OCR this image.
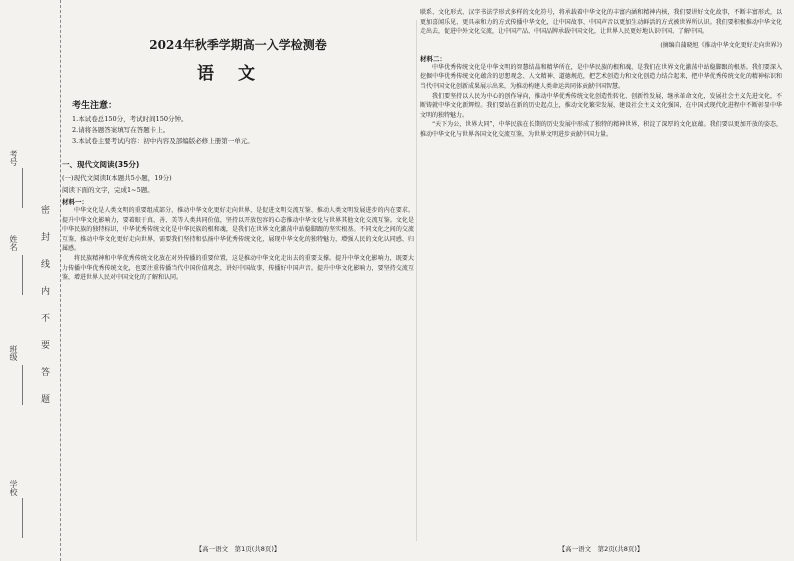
考号
姓名
班级
学校
密封线内不要答题
2024年秋季学期高一入学检测卷
语文
考生注意：
1.本试卷总150分，考试时间150分钟。
2.请将各题答案填写在答题卡上。
3.本试卷主要考试内容：初中内容及部编版必修上册第一单元。
一、现代文阅读(35分)
(一)现代文阅读Ⅰ(本题共5小题，19分)
阅读下面的文字，完成1~5题。
材料一：

中华文化是人类文明的重要组成部分，推动中华文化更好走向世界，是促进文明交流互鉴、推动人类文明发展进步的内在要求。提升中华文化影响力，要着眼于真、善、美等人类共同价值，坚持以开放包容的心态推动中华文化与世界其他文化交流互鉴。文化是中华民族的独特标识，中华优秀传统文化是中华民族的根和魂，是我们在世界文化激荡中站稳脚跟的坚实根基。不同文化之间的交流互鉴，推动中华文化更好走向世界，需要我们坚持和弘扬中华优秀传统文化，展现中华文化的独特魅力，增强人民的文化认同感、归属感。

将民族精神和中华优秀传统文化放在对外传播的重要位置，这是推动中华文化走出去的重要支撑。提升中华文化影响力，既要大力传播中华优秀传统文化，也要注重传播当代中国价值观念，讲好中国故事，传播好中国声音。提升中华文化影响力，要坚持交流互鉴，增进世界人民对中国文化的了解和认同。

【高一语文　第1页(共8页)】

联系、文化形式、汉字书法学形式多样的文化符号，将承载着中华文化的丰富内涵和精神内核，我们要讲好文化故事，不断丰富形式，以更加喜闻乐见、更具亲和力的方式传播中华文化，让中国故事、中国声音以更加生动鲜活的方式被世界所认识。我们要积极推动中华文化走出去，促进中外文化交流，让中国产品、中国品牌承载中国文化，让世界人民更好地认识中国、了解中国。

(摘编自蒲晓旭《推动中华文化更好走向世界》)
材料二：

中华优秀传统文化是中华文明的智慧结晶和精华所在，是中华民族的根和魂，是我们在世界文化激荡中站稳脚跟的根基。我们要深入挖掘中华优秀传统文化蕴含的思想观念、人文精神、道德规范，把艺术创造力和文化创造力结合起来，把中华优秀传统文化的精神标识和当代中国文化创新成果展示出来，为推动构建人类命运共同体贡献中国智慧。

我们要坚持以人民为中心的创作导向，推动中华优秀传统文化创造性转化、创新性发展，继承革命文化，发展社会主义先进文化，不断铸就中华文化新辉煌。我们要站在新的历史起点上，推动文化繁荣发展，建设社会主义文化强国，在中国式现代化进程中不断彰显中华文明的独特魅力。

“天下为公，世界大同”，中华民族在长期的历史发展中形成了独特的精神世界，积淀了深厚的文化底蕴。我们要以更加开放的姿态，推动中华文化与世界各国文化交流互鉴，为世界文明进步贡献中国力量。

【高一语文　第2页(共8页)】
